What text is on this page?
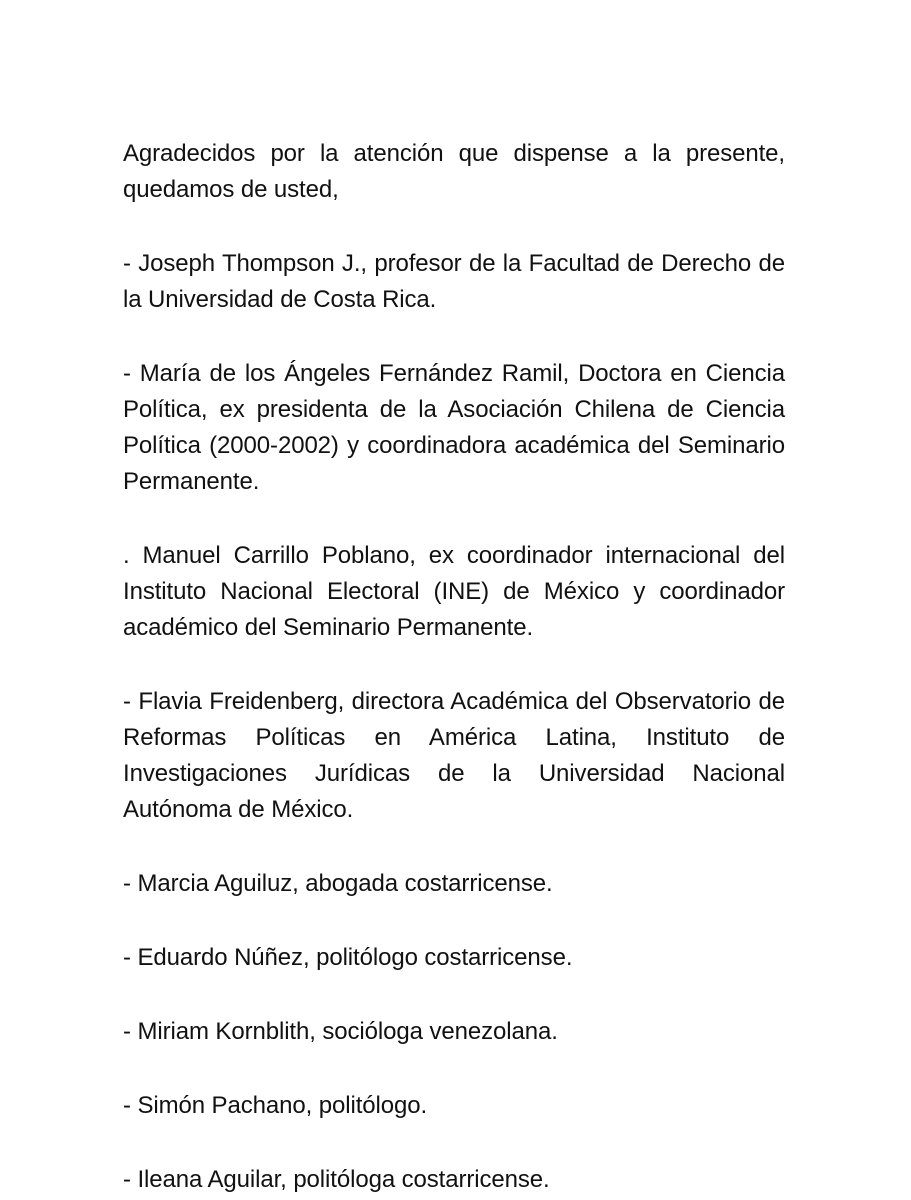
Agradecidos por la atención que dispense a la presente, quedamos de usted,

- Joseph Thompson J., profesor de la Facultad de Derecho de la Universidad de Costa Rica.

- María de los Ángeles Fernández Ramil, Doctora en Ciencia Política, ex presidenta de la Asociación Chilena de Ciencia Política (2000-2002) y coordinadora académica del Seminario Permanente.

. Manuel Carrillo Poblano, ex coordinador internacional del Instituto Nacional Electoral (INE) de México y coordinador académico del Seminario Permanente.

- Flavia Freidenberg, directora Académica del Observatorio de Reformas Políticas en América Latina, Instituto de Investigaciones Jurídicas de la Universidad Nacional Autónoma de México.

- Marcia Aguiluz, abogada costarricense.

- Eduardo Núñez, politólogo costarricense.

- Miriam Kornblith, socióloga venezolana.

- Simón Pachano, politólogo.

- Ileana Aguilar, politóloga costarricense.
